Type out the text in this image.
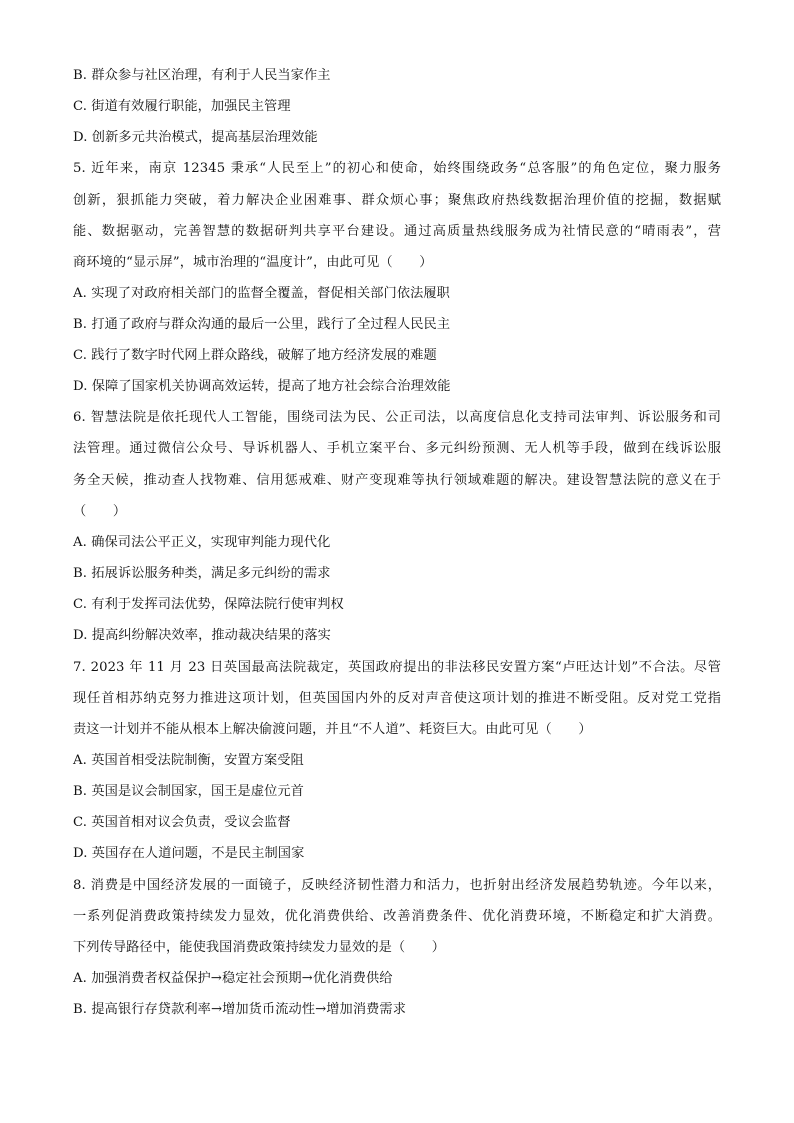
B. 群众参与社区治理，有利于人民当家作主
C. 街道有效履行职能，加强民主管理
D. 创新多元共治模式，提高基层治理效能
5. 近年来，南京 12345 秉承“人民至上”的初心和使命，始终围绕政务“总客服”的角色定位，聚力服务
创新，狠抓能力突破，着力解决企业困难事、群众烦心事；聚焦政府热线数据治理价值的挖掘，数据赋
能、数据驱动，完善智慧的数据研判共享平台建设。通过高质量热线服务成为社情民意的“晴雨表”，营
商环境的“显示屏”，城市治理的“温度计”，由此可见（　　）
A. 实现了对政府相关部门的监督全覆盖，督促相关部门依法履职
B. 打通了政府与群众沟通的最后一公里，践行了全过程人民民主
C. 践行了数字时代网上群众路线，破解了地方经济发展的难题
D. 保障了国家机关协调高效运转，提高了地方社会综合治理效能
6. 智慧法院是依托现代人工智能，围绕司法为民、公正司法，以高度信息化支持司法审判、诉讼服务和司
法管理。通过微信公众号、导诉机器人、手机立案平台、多元纠纷预测、无人机等手段，做到在线诉讼服
务全天候，推动查人找物难、信用惩戒难、财产变现难等执行领域难题的解决。建设智慧法院的意义在于
（　　）
A. 确保司法公平正义，实现审判能力现代化
B. 拓展诉讼服务种类，满足多元纠纷的需求
C. 有利于发挥司法优势，保障法院行使审判权
D. 提高纠纷解决效率，推动裁决结果的落实
7. 2023 年 11 月 23 日英国最高法院裁定，英国政府提出的非法移民安置方案“卢旺达计划”不合法。尽管
现任首相苏纳克努力推进这项计划，但英国国内外的反对声音使这项计划的推进不断受阻。反对党工党指
责这一计划并不能从根本上解决偷渡问题，并且“不人道”、耗资巨大。由此可见（　　）
A. 英国首相受法院制衡，安置方案受阻
B. 英国是议会制国家，国王是虚位元首
C. 英国首相对议会负责，受议会监督
D. 英国存在人道问题，不是民主制国家
8. 消费是中国经济发展的一面镜子，反映经济韧性潜力和活力，也折射出经济发展趋势轨迹。今年以来，
一系列促消费政策持续发力显效，优化消费供给、改善消费条件、优化消费环境，不断稳定和扩大消费。
下列传导路径中，能使我国消费政策持续发力显效的是（　　）
A. 加强消费者权益保护→稳定社会预期→优化消费供给
B. 提高银行存贷款利率→增加货币流动性→增加消费需求
